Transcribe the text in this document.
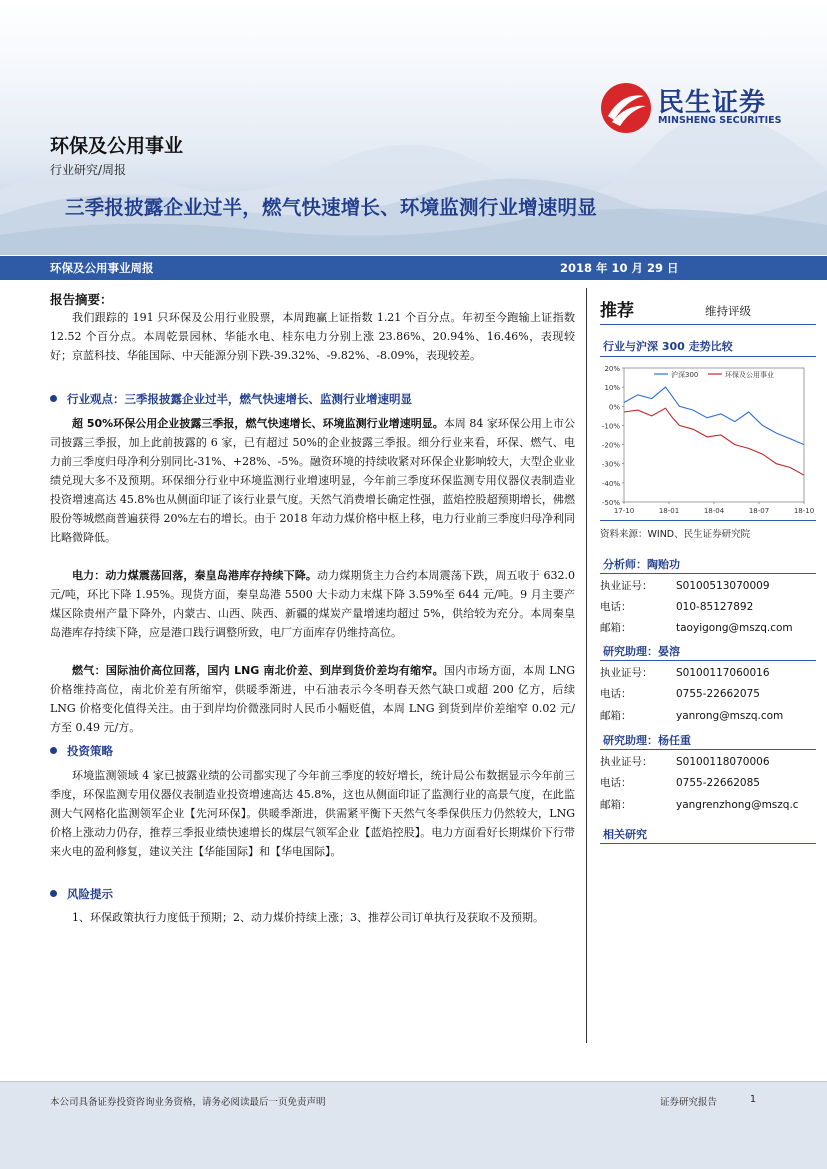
民生证券
MINSHENG SECURITIES
环保及公用事业
行业研究/周报
三季报披露企业过半，燃气快速增长、环境监测行业增速明显
环保及公用事业周报	2018 年 10 月 29 日
报告摘要：
我们跟踪的 191 只环保及公用行业股票，本周跑赢上证指数 1.21 个百分点。年初至今跑输上证指数 12.52 个百分点。本周乾景园林、华能水电、桂东电力分别上涨 23.86%、20.94%、16.46%，表现较好；京蓝科技、华能国际、中天能源分别下跌-39.32%、-9.82%、-8.09%，表现较差。
行业观点：三季报披露企业过半，燃气快速增长、监测行业增速明显
超 50%环保公用企业披露三季报，燃气快速增长、环境监测行业增速明显。本周 84 家环保公用上市公司披露三季报，加上此前披露的 6 家，已有超过 50%的企业披露三季报。细分行业来看，环保、燃气、电力前三季度归母净利分别同比-31%、+28%、-5%。融资环境的持续收紧对环保企业影响较大，大型企业业绩兑现大多不及预期。环保细分行业中环境监测行业增速明显，今年前三季度环保监测专用仪器仪表制造业投资增速高达 45.8%也从侧面印证了该行业景气度。天然气消费增长确定性强，蓝焰控股超预期增长，佛燃股份等城燃商普遍获得 20%左右的增长。由于 2018 年动力煤价格中枢上移，电力行业前三季度归母净利同比略微降低。
电力：动力煤震荡回落，秦皇岛港库存持续下降。动力煤期货主力合约本周震荡下跌，周五收于 632.0 元/吨，环比下降 1.95%。现货方面，秦皇岛港 5500 大卡动力末煤下降 3.59%至 644 元/吨。9 月主要产煤区除贵州产量下降外，内蒙古、山西、陕西、新疆的煤炭产量增速均超过 5%，供给较为充分。本周秦皇岛港库存持续下降，应是港口践行调整所致，电厂方面库存仍维持高位。
燃气：国际油价高位回落，国内 LNG 南北价差、到岸到货价差均有缩窄。国内市场方面，本周 LNG 价格维持高位，南北价差有所缩窄，供暖季渐进，中石油表示今冬明春天然气缺口或超 200 亿方，后续 LNG 价格变化值得关注。由于到岸均价微涨同时人民币小幅贬值，本周 LNG 到货到岸价差缩窄 0.02 元/方至 0.49 元/方。
投资策略
环境监测领域 4 家已披露业绩的公司都实现了今年前三季度的较好增长，统计局公布数据显示今年前三季度，环保监测专用仪器仪表制造业投资增速高达 45.8%，这也从侧面印证了监测行业的高景气度，在此监测大气网格化监测领军企业【先河环保】。供暖季渐进，供需紧平衡下天然气冬季保供压力仍然较大，LNG 价格上涨动力仍存，推荐三季报业绩快速增长的煤层气领军企业【蓝焰控股】。电力方面看好长期煤价下行带来火电的盈利修复，建议关注【华能国际】和【华电国际】。
风险提示
1、环保政策执行力度低于预期；2、动力煤价持续上涨；3、推荐公司订单执行及获取不及预期。
推荐	维持评级
行业与沪深 300 走势比较
20%
10%
0%
-10%
-20%
-30%
-40%
-50%
17-10	18-01	18-04	18-07	18-10
沪深300	环保及公用事业
资料来源：WIND、民生证券研究院
分析师：陶贻功
执业证号： S0100513070009
电话：	010-85127892
邮箱：	taoyigong@mszq.com
研究助理：晏溶
执业证号： S0100117060016
电话：	0755-22662075
邮箱：	yanrong@mszq.com
研究助理：杨任重
执业证号： S0100118070006
电话：	0755-22662085
邮箱：	yangrenzhong@mszq.c
相关研究
本公司具备证券投资咨询业务资格，请务必阅读最后一页免责声明	证券研究报告	1
